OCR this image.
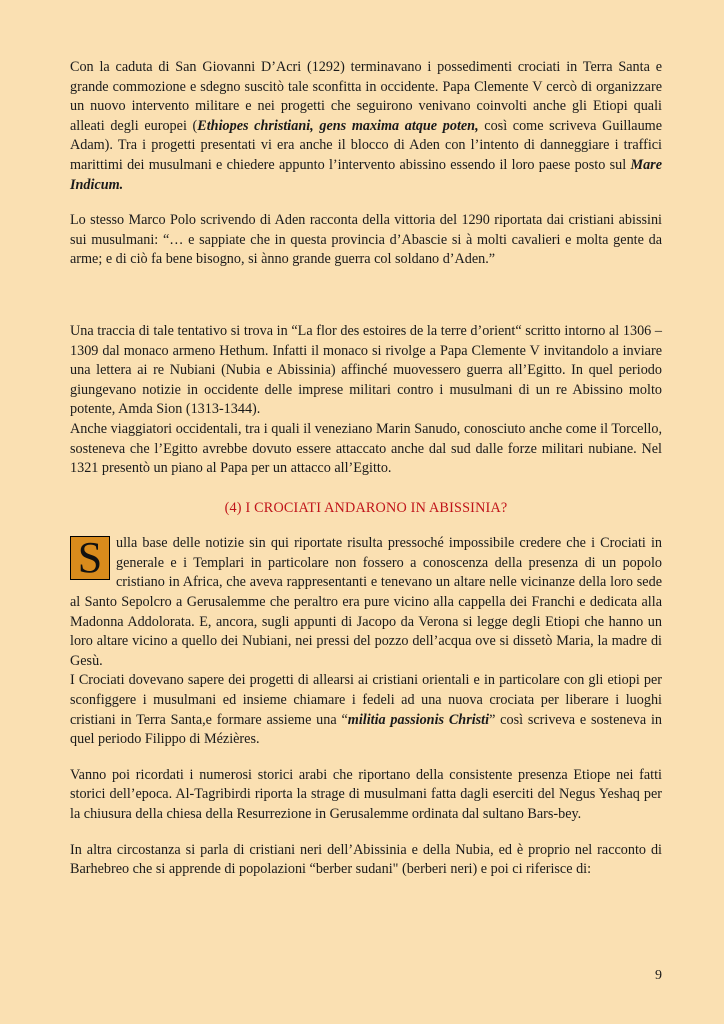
Con la caduta di San Giovanni D’Acri (1292) terminavano i possedimenti crociati in Terra Santa e grande commozione e sdegno suscitò tale sconfitta in occidente. Papa Clemente V cercò di organizzare un nuovo intervento militare e nei progetti che seguirono venivano coinvolti anche gli Etiopi quali alleati degli europei (Ethiopes christiani, gens maxima atque poten, così come scriveva Guillaume Adam). Tra i progetti presentati vi era anche il blocco di Aden con l’intento di danneggiare i traffici marittimi dei musulmani e chiedere appunto l’intervento abissino essendo il loro paese posto sul Mare Indicum.

Lo stesso Marco Polo scrivendo di Aden racconta della vittoria del 1290 riportata dai cristiani abissini sui musulmani: “… e sappiate che in questa provincia d’Abascie si à molti cavalieri e molta gente da arme; e di ciò fa bene bisogno, si ànno grande guerra col soldano d’Aden.”

Una traccia di tale tentativo si trova in “La flor des estoires de la terre d’orient“ scritto intorno al 1306 – 1309 dal monaco armeno Hethum. Infatti il monaco si rivolge a Papa Clemente V invitandolo a inviare una lettera ai re Nubiani (Nubia e Abissinia) affinché muovessero guerra all’Egitto. In quel periodo giungevano notizie in occidente delle imprese militari contro i musulmani di un re Abissino molto potente, Amda Sion (1313-1344).

Anche viaggiatori occidentali, tra i quali il veneziano Marin Sanudo, conosciuto anche come il Torcello, sosteneva che l’Egitto avrebbe dovuto essere attaccato anche dal sud dalle forze militari nubiane. Nel 1321 presentò un piano al Papa per un attacco all’Egitto.

(4) I CROCIATI ANDARONO IN ABISSINIA?

S ulla base delle notizie sin qui riportate risulta pressoché impossibile credere che i Crociati in generale e i Templari in particolare non fossero a conoscenza della presenza di un popolo cristiano in Africa, che aveva rappresentanti e tenevano un altare nelle vicinanze della loro sede al Santo Sepolcro a Gerusalemme che peraltro era pure vicino alla cappella dei Franchi e dedicata alla Madonna Addolorata. E, ancora, sugli appunti di Jacopo da Verona si legge degli Etiopi che hanno un loro altare vicino a quello dei Nubiani, nei pressi del pozzo dell’acqua ove si dissetò Maria, la madre di Gesù.

I Crociati dovevano sapere dei progetti di allearsi ai cristiani orientali e in particolare con gli etiopi per sconfiggere i musulmani ed insieme chiamare i fedeli ad una nuova crociata per liberare i luoghi cristiani in Terra Santa,e formare assieme una “militia passionis Christi” così scriveva e sosteneva in quel periodo Filippo di Mézières.

Vanno poi ricordati i numerosi storici arabi che riportano della consistente presenza Etiope nei fatti storici dell’epoca. Al-Tagribirdi riporta la strage di musulmani fatta dagli eserciti del Negus Yeshaq per la chiusura della chiesa della Resurrezione in Gerusalemme ordinata dal sultano Bars-bey.

In altra circostanza si parla di cristiani neri dell’Abissinia e della Nubia, ed è proprio nel racconto di Barhebreo che si apprende di popolazioni “berber sudani" (berberi neri) e poi ci riferisce di:

9
